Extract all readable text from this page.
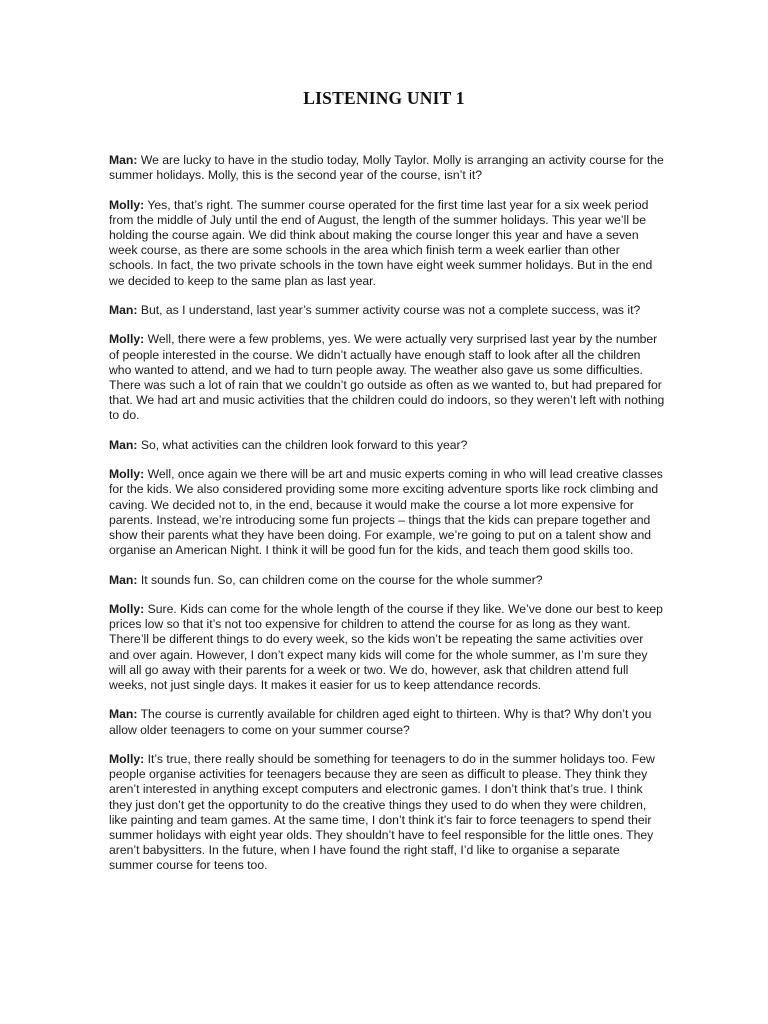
LISTENING UNIT 1

Man: We are lucky to have in the studio today, Molly Taylor. Molly is arranging an activity course for the summer holidays. Molly, this is the second year of the course, isn’t it?

Molly: Yes, that’s right. The summer course operated for the first time last year for a six week period from the middle of July until the end of August, the length of the summer holidays. This year we’ll be holding the course again. We did think about making the course longer this year and have a seven week course, as there are some schools in the area which finish term a week earlier than other schools. In fact, the two private schools in the town have eight week summer holidays. But in the end we decided to keep to the same plan as last year.

Man: But, as I understand, last year’s summer activity course was not a complete success, was it?

Molly: Well, there were a few problems, yes. We were actually very surprised last year by the number of people interested in the course. We didn’t actually have enough staff to look after all the children who wanted to attend, and we had to turn people away. The weather also gave us some difficulties. There was such a lot of rain that we couldn’t go outside as often as we wanted to, but had prepared for that. We had art and music activities that the children could do indoors, so they weren’t left with nothing to do.

Man: So, what activities can the children look forward to this year?

Molly: Well, once again we there will be art and music experts coming in who will lead creative classes for the kids. We also considered providing some more exciting adventure sports like rock climbing and caving. We decided not to, in the end, because it would make the course a lot more expensive for parents. Instead, we’re introducing some fun projects – things that the kids can prepare together and show their parents what they have been doing. For example, we’re going to put on a talent show and organise an American Night. I think it will be good fun for the kids, and teach them good skills too.

Man: It sounds fun. So, can children come on the course for the whole summer?

Molly: Sure. Kids can come for the whole length of the course if they like. We’ve done our best to keep prices low so that it’s not too expensive for children to attend the course for as long as they want. There’ll be different things to do every week, so the kids won’t be repeating the same activities over and over again. However, I don’t expect many kids will come for the whole summer, as I’m sure they will all go away with their parents for a week or two. We do, however, ask that children attend full weeks, not just single days. It makes it easier for us to keep attendance records.

Man: The course is currently available for children aged eight to thirteen. Why is that? Why don’t you allow older teenagers to come on your summer course?

Molly: It’s true, there really should be something for teenagers to do in the summer holidays too. Few people organise activities for teenagers because they are seen as difficult to please. They think they aren’t interested in anything except computers and electronic games. I don’t think that’s true. I think they just don’t get the opportunity to do the creative things they used to do when they were children, like painting and team games. At the same time, I don’t think it’s fair to force teenagers to spend their summer holidays with eight year olds. They shouldn’t have to feel responsible for the little ones. They aren’t babysitters. In the future, when I have found the right staff, I’d like to organise a separate summer course for teens too.
